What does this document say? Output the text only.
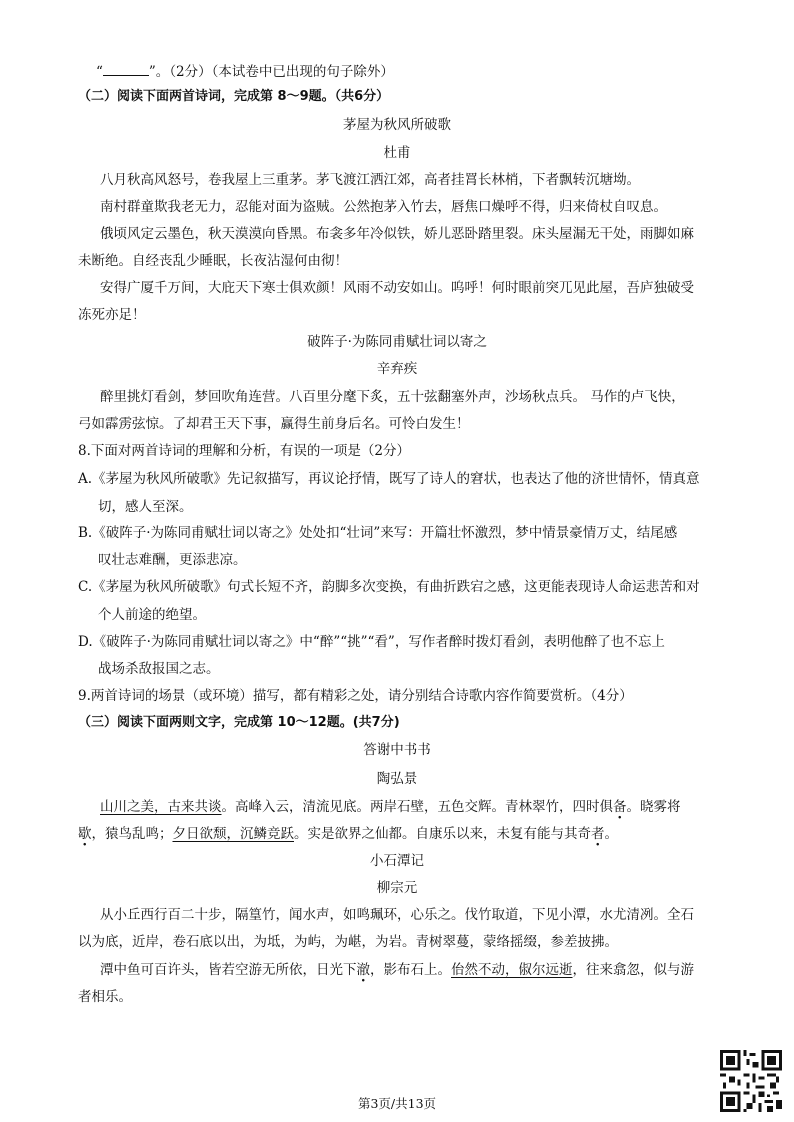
“	”。（2分）（本试卷中已出现的句子除外）
（二）阅读下面两首诗词，完成第 8～9题。（共6分）
茅屋为秋风所破歌
杜甫
八月秋高风怒号，卷我屋上三重茅。茅飞渡江洒江郊，高者挂罥长林梢，下者飘转沉塘坳。
南村群童欺我老无力，忍能对面为盗贼。公然抱茅入竹去，唇焦口燥呼不得，归来倚杖自叹息。
俄顷风定云墨色，秋天漠漠向昏黑。布衾多年冷似铁，娇儿恶卧踏里裂。床头屋漏无干处，雨脚如麻
未断绝。自经丧乱少睡眠，长夜沾湿何由彻！
安得广厦千万间，大庇天下寒士俱欢颜！风雨不动安如山。呜呼！何时眼前突兀见此屋，吾庐独破受
冻死亦足！
破阵子·为陈同甫赋壮词以寄之
辛弃疾
醉里挑灯看剑，梦回吹角连营。八百里分麾下炙，五十弦翻塞外声，沙场秋点兵。 马作的卢飞快，
弓如霹雳弦惊。了却君王天下事，赢得生前身后名。可怜白发生！
8.下面对两首诗词的理解和分析，有误的一项是（2分）
A.《茅屋为秋风所破歌》先记叙描写，再议论抒情，既写了诗人的窘状，也表达了他的济世情怀，情真意
切，感人至深。
B.《破阵子·为陈同甫赋壮词以寄之》处处扣“壮词”来写：开篇壮怀激烈，梦中情景豪情万丈，结尾感
叹壮志难酬，更添悲凉。
C.《茅屋为秋风所破歌》句式长短不齐，韵脚多次变换，有曲折跌宕之感，这更能表现诗人命运悲苦和对
个人前途的绝望。
D.《破阵子·为陈同甫赋壮词以寄之》中“醉”“挑”“看”，写作者醉时拨灯看剑，表明他醉了也不忘上
战场杀敌报国之志。
9.两首诗词的场景（或环境）描写，都有精彩之处，请分别结合诗歌内容作简要赏析。（4分）
（三）阅读下面两则文字，完成第 10～12题。(共7分)
答谢中书书
陶弘景
山川之美，古来共谈。高峰入云，清流见底。两岸石壁，五色交辉。青林翠竹，四时俱备。晓雾将
歇，猿鸟乱鸣；夕日欲颓，沉鳞竞跃。实是欲界之仙都。自康乐以来，未复有能与其奇者。
小石潭记
柳宗元
从小丘西行百二十步，隔篁竹，闻水声，如鸣珮环，心乐之。伐竹取道，下见小潭，水尤清冽。全石
以为底，近岸，卷石底以出，为坻，为屿，为嵁，为岩。青树翠蔓，蒙络摇缀，参差披拂。
潭中鱼可百许头，皆若空游无所依，日光下澈，影布石上。佁然不动，俶尔远逝，往来翕忽，似与游
者相乐。
第3页/共13页
